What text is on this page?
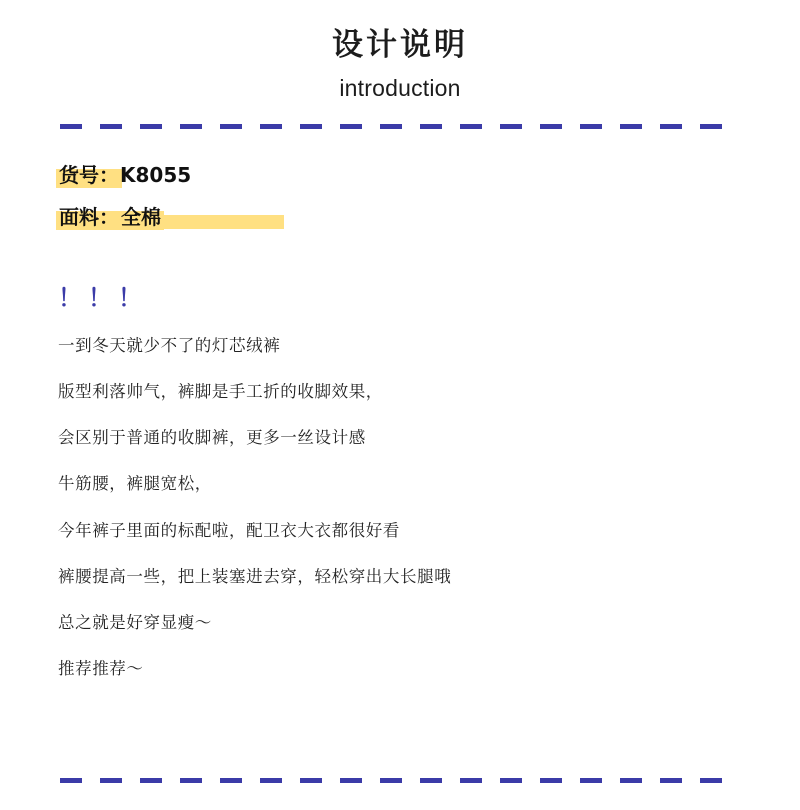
设计说明
introduction
货号：K8055
面料： 全棉
！！！

一到冬天就少不了的灯芯绒裤

版型利落帅气，裤脚是手工折的收脚效果，

会区别于普通的收脚裤，更多一丝设计感

牛筋腰，裤腿宽松，

今年裤子里面的标配啦，配卫衣大衣都很好看

裤腰提高一些，把上装塞进去穿，轻松穿出大长腿哦

总之就是好穿显瘦～

推荐推荐～
